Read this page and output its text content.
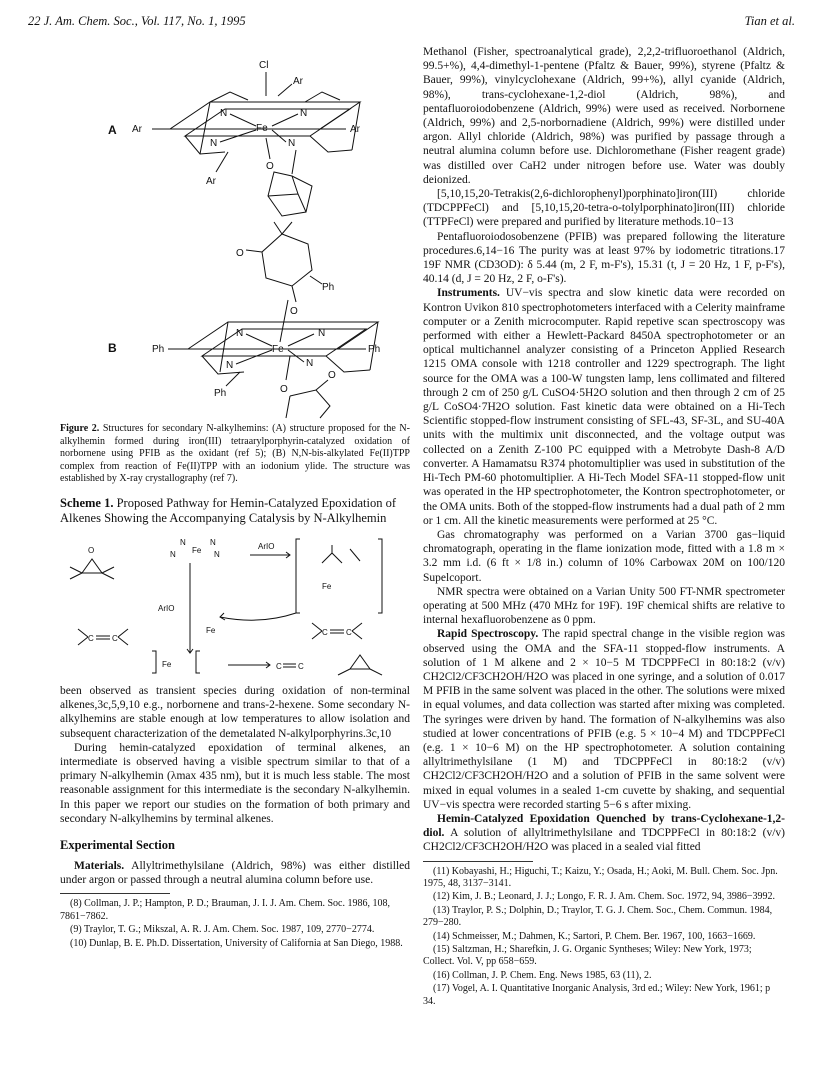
22 J. Am. Chem. Soc., Vol. 117, No. 1, 1995	Tian et al.
A
Cl
Ar
Ar	Ar
N	N
N	N
Fe
Ar
O
B
O
O
Ph
Ph	Ph
N	N
N	N
Fe
Ph	O
O

Figure 2. Structures for secondary N-alkylhemins: (A) structure proposed for the N-alkylhemin formed during iron(III) tetraarylporphyrin-catalyzed oxidation of norbornene using PFIB as the oxidant (ref 5); (B) N,N-bis-alkylated Fe(II)TPP complex from reaction of Fe(II)TPP with an iodonium ylide. The structure was established by X-ray crystallography (ref 7).

Scheme 1. Proposed Pathway for Hemin-Catalyzed Epoxidation of Alkenes Showing the Accompanying Catalysis by N-Alkylhemin

O
N
Fe
N
N	N
ArIO
Fe
ArIO
Fe
C C
Fe
C C
C C

been observed as transient species during oxidation of non-terminal alkenes,3c,5,9,10 e.g., norbornene and trans-2-hexene. Some secondary N-alkylhemins are stable enough at low temperatures to allow isolation and subsequent characterization of the demetalated N-alkylporphyrins.3c,10

During hemin-catalyzed epoxidation of terminal alkenes, an intermediate is observed having a visible spectrum similar to that of a primary N-alkylhemin (λmax 435 nm), but it is much less stable. The most reasonable assignment for this intermediate is the secondary N-alkylhemin. In this paper we report our studies on the formation of both primary and secondary N-alkylhemins by terminal alkenes.

Experimental Section

Materials. Allyltrimethylsilane (Aldrich, 98%) was either distilled under argon or passed through a neutral alumina column before use.

(8) Collman, J. P.; Hampton, P. D.; Brauman, J. I. J. Am. Chem. Soc. 1986, 108, 7861−7862.

(9) Traylor, T. G.; Mikszal, A. R. J. Am. Chem. Soc. 1987, 109, 2770−2774.

(10) Dunlap, B. E. Ph.D. Dissertation, University of California at San Diego, 1988.

Methanol (Fisher, spectroanalytical grade), 2,2,2-trifluoroethanol (Aldrich, 99.5+%), 4,4-dimethyl-1-pentene (Pfaltz & Bauer, 99%), styrene (Pfaltz & Bauer, 99%), vinylcyclohexane (Aldrich, 99+%), allyl cyanide (Aldrich, 98%), trans-cyclohexane-1,2-diol (Aldrich, 98%), and pentafluoroiodobenzene (Aldrich, 99%) were used as received. Norbornene (Aldrich, 99%) and 2,5-norbornadiene (Aldrich, 99%) were distilled under argon. Allyl chloride (Aldrich, 98%) was purified by passage through a neutral alumina column before use. Dichloromethane (Fisher reagent grade) was distilled over CaH2 under nitrogen before use. Water was doubly deionized.

[5,10,15,20-Tetrakis(2,6-dichlorophenyl)porphinato]iron(III) chloride (TDCPPFeCl) and [5,10,15,20-tetra-o-tolylporphinato]iron(III) chloride (TTPFeCl) were prepared and purified by literature methods.10−13

Pentafluoroiodosobenzene (PFIB) was prepared following the literature procedures.6,14−16 The purity was at least 97% by iodometric titrations.17 19F NMR (CD3OD): δ 5.44 (m, 2 F, m-F's), 15.31 (t, J = 20 Hz, 1 F, p-F's), 40.14 (d, J = 20 Hz, 2 F, o-F's).

Instruments. UV−vis spectra and slow kinetic data were recorded on Kontron Uvikon 810 spectrophotometers interfaced with a Celerity mainframe computer or a Zenith microcomputer. Rapid repetive scan spectroscopy was performed with either a Hewlett-Packard 8450A spectrophotometer or an optical multichannel analyzer consisting of a Princeton Applied Research 1215 OMA console with 1218 controller and 1229 spectrograph. The light source for the OMA was a 100-W tungsten lamp, lens collimated and filtered through 2 cm of 250 g/L CuSO4·5H2O solution and then through 2 cm of 25 g/L CoSO4·7H2O solution. Fast kinetic data were obtained on a Hi-Tech Scientific stopped-flow instrument consisting of SFL-43, SF-3L, and SU-40A units with the multimix unit disconnected, and the voltage output was collected on a Zenith Z-100 PC equipped with a Metrobyte Dash-8 A/D converter. A Hamamatsu R374 photomultiplier was used in substitution of the Hi-Tech PM-60 photomultiplier. A Hi-Tech Model SFA-11 stopped-flow unit was operated in the HP spectrophotometer, the Kontron spectrophotometer, or the OMA units. Both of the stopped-flow instruments had a dual path of 2 mm or 1 cm. All the kinetic measurements were performed at 25 °C.

Gas chromatography was performed on a Varian 3700 gas−liquid chromatograph, operating in the flame ionization mode, fitted with a 1.8 m × 3.2 mm i.d. (6 ft × 1/8 in.) column of 10% Carbowax 20M on 100/120 Supelcoport.

NMR spectra were obtained on a Varian Unity 500 FT-NMR spectrometer operating at 500 MHz (470 MHz for 19F). 19F chemical shifts are relative to internal hexafluorobenzene as 0 ppm.

Rapid Spectroscopy. The rapid spectral change in the visible region was observed using the OMA and the SFA-11 stopped-flow instruments. A solution of 1 M alkene and 2 × 10−5 M TDCPPFeCl in 80:18:2 (v/v) CH2Cl2/CF3CH2OH/H2O was placed in one syringe, and a solution of 0.017 M PFIB in the same solvent was placed in the other. The solutions were mixed in equal volumes, and data collection was started after mixing was completed. The syringes were driven by hand. The formation of N-alkylhemins was also studied at lower concentrations of PFIB (e.g. 5 × 10−4 M) and TDCPPFeCl (e.g. 1 × 10−6 M) on the HP spectrophotometer. A solution containing allyltrimethylsilane (1 M) and TDCPPFeCl in 80:18:2 (v/v) CH2Cl2/CF3CH2OH/H2O and a solution of PFIB in the same solvent were mixed in equal volumes in a sealed 1-cm cuvette by shaking, and sequential UV−vis spectra were recorded starting 5−6 s after mixing.

Hemin-Catalyzed Epoxidation Quenched by trans-Cyclohexane-1,2-diol. A solution of allyltrimethylsilane and TDCPPFeCl in 80:18:2 (v/v) CH2Cl2/CF3CH2OH/H2O was placed in a sealed vial fitted

(11) Kobayashi, H.; Higuchi, T.; Kaizu, Y.; Osada, H.; Aoki, M. Bull. Chem. Soc. Jpn. 1975, 48, 3137−3141.

(12) Kim, J. B.; Leonard, J. J.; Longo, F. R. J. Am. Chem. Soc. 1972, 94, 3986−3992.

(13) Traylor, P. S.; Dolphin, D.; Traylor, T. G. J. Chem. Soc., Chem. Commun. 1984, 279−280.

(14) Schmeisser, M.; Dahmen, K.; Sartori, P. Chem. Ber. 1967, 100, 1663−1669.

(15) Saltzman, H.; Sharefkin, J. G. Organic Syntheses; Wiley: New York, 1973; Collect. Vol. V, pp 658−659.

(16) Collman, J. P. Chem. Eng. News 1985, 63 (11), 2.

(17) Vogel, A. I. Quantitative Inorganic Analysis, 3rd ed.; Wiley: New York, 1961; p 34.
